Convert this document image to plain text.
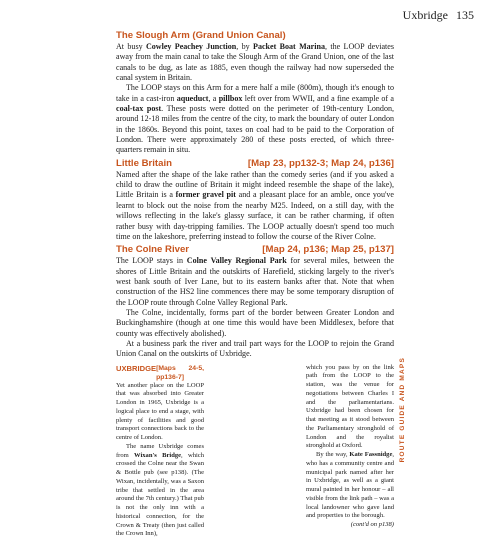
Uxbridge 135
The Slough Arm (Grand Union Canal)

At busy Cowley Peachey Junction, by Packet Boat Marina, the LOOP deviates away from the main canal to take the Slough Arm of the Grand Union, one of the last canals to be dug, as late as 1885, even though the railway had now superseded the canal system in Britain.

The LOOP stays on this Arm for a mere half a mile (800m), though it's enough to take in a cast-iron aqueduct, a pillbox left over from WWII, and a fine example of a coal-tax post. These posts were dotted on the perimeter of 19th-century London, around 12-18 miles from the centre of the city, to mark the boundary of outer London in the 1860s. Beyond this point, taxes on coal had to be paid to the Corporation of London. There were approximately 280 of these posts erected, of which three-quarters remain in situ.

Little Britain	[Map 23, pp132-3; Map 24, p136]

Named after the shape of the lake rather than the comedy series (and if you asked a child to draw the outline of Britain it might indeed resemble the shape of the lake), Little Britain is a former gravel pit and a pleasant place for an amble, once you've learnt to block out the noise from the nearby M25. Indeed, on a still day, with the willows reflecting in the lake's glassy surface, it can be rather charming, if often rather busy with day-tripping families. The LOOP actually doesn't spend too much time on the lakeshore, preferring instead to follow the course of the River Colne.

The Colne River	[Map 24, p136; Map 25, p137]

The LOOP stays in Colne Valley Regional Park for several miles, between the shores of Little Britain and the outskirts of Harefield, sticking largely to the river's west bank south of Iver Lane, but to its eastern banks after that. Note that when construction of the HS2 line commences there may be some temporary disruption of the LOOP route through Colne Valley Regional Park.

The Colne, incidentally, forms part of the border between Greater London and Buckinghamshire (though at one time this would have been Middlesex, before that county was effectively abolished).

At a business park the river and trail part ways for the LOOP to rejoin the Grand Union Canal on the outskirts of Uxbridge.

UXBRIDGE [Maps 24-5, pp136-7]

Yet another place on the LOOP that was absorbed into Greater London in 1965, Uxbridge is a logical place to end a stage, with plenty of facilities and good transport connections back to the centre of London.

The name Uxbridge comes from Wixan's Bridge, which crossed the Colne near the Swan & Bottle pub (see p138). (The Wixan, incidentally, was a Saxon tribe that settled in the area around the 7th century.) That pub is not the only inn with a historical connection, for the Crown & Treaty (then just called the Crown Inn),

which you pass by on the link path from the LOOP to the station, was the venue for negotiations between Charles I and the parliamentarians. Uxbridge had been chosen for that meeting as it stood between the Parliamentary stronghold of London and the royalist stronghold at Oxford.

By the way, Kate Fassnidge, who has a community centre and municipal park named after her in Uxbridge, as well as a giant mural painted in her honour – all visible from the link path – was a local landowner who gave land and properties to the borough.

(cont'd on p138)

ROUTE GUIDE AND MAPS
